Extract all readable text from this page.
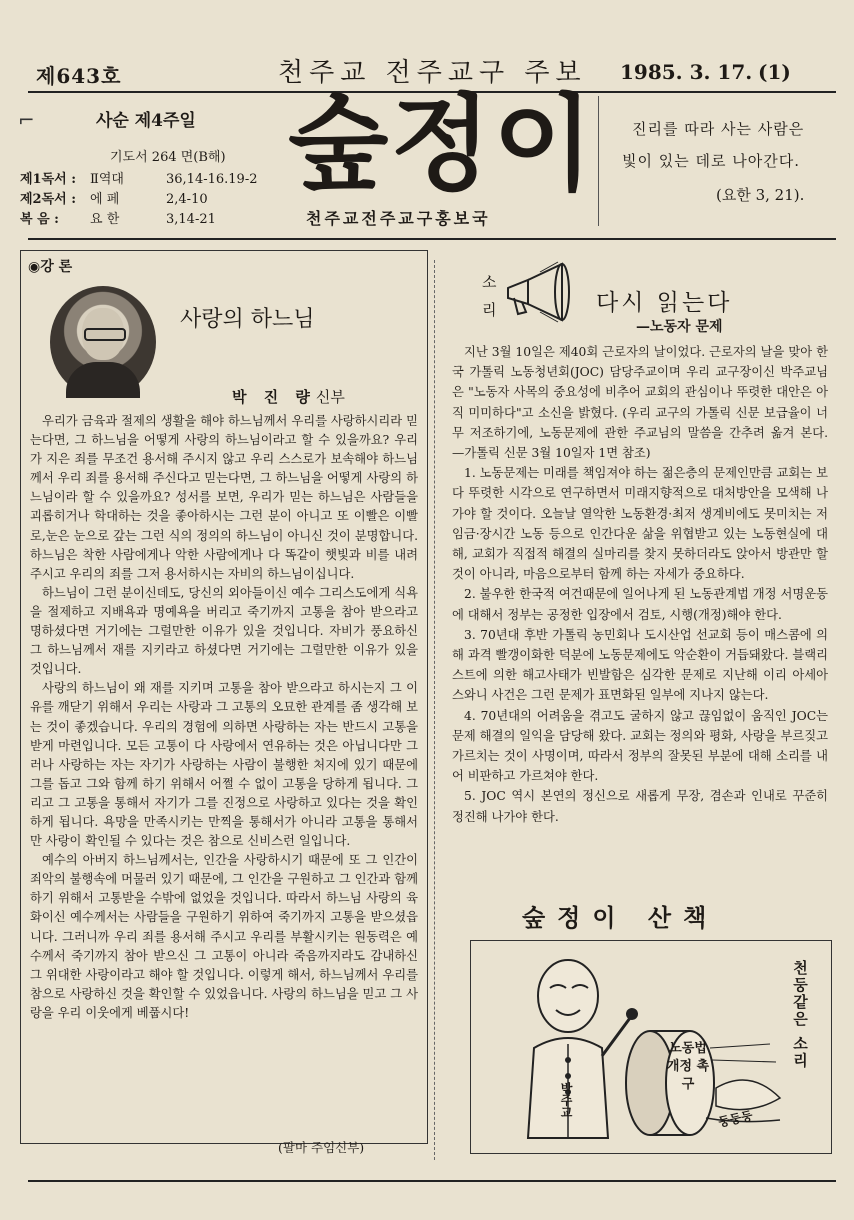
제643호	천주교 전주교구 주보 1985. 3. 17. (1)
⌐	사순 제4주일
기도서 264 면(B해)
제1독서 : Ⅱ역대	36,14-16.19-2
제2독서 : 에 페	2,4-10
복 음 : 요 한	3,14-21
숲정이
천주교전주교구홍보국
진리를 따라 사는 사람은
빛이 있는 데로 나아간다.
(요한 3, 21).
◉강 론
사랑의 하느님
박 진 량신부

우리가 금육과 절제의 생활을 해야 하느님께서 우리를 사랑하시리라 믿는다면, 그 하느님을 어떻게 사랑의 하느님이라고 할 수 있을까요? 우리가 지은 죄를 무조건 용서해 주시지 않고 우리 스스로가 보속해야 하느님께서 우리 죄를 용서해 주신다고 믿는다면, 그 하느님을 어떻게 사랑의 하느님이라 할 수 있을까요? 성서를 보면, 우리가 믿는 하느님은 사람들을 괴롭히거나 학대하는 것을 좋아하시는 그런 분이 아니고 또 이빨은 이빨로,눈은 눈으로 갚는 그런 식의 정의의 하느님이 아니신 것이 분명합니다. 하느님은 착한 사람에게나 악한 사람에게나 다 똑같이 햇빛과 비를 내려 주시고 우리의 죄를 그저 용서하시는 자비의 하느님이십니다.

하느님이 그런 분이신데도, 당신의 외아들이신 예수 그리스도에게 식욕을 절제하고 지배욕과 명예욕을 버리고 죽기까지 고통을 참아 받으라고 명하셨다면 거기에는 그럴만한 이유가 있을 것입니다. 자비가 풍요하신 그 하느님께서 재를 지키라고 하셨다면 거기에는 그럴만한 이유가 있을 것입니다.

사랑의 하느님이 왜 재를 지키며 고통을 참아 받으라고 하시는지 그 이유를 깨닫기 위해서 우리는 사랑과 그 고통의 오묘한 관계를 좀 생각해 보는 것이 좋겠습니다. 우리의 경험에 의하면 사랑하는 자는 반드시 고통을 받게 마련입니다. 모든 고통이 다 사랑에서 연유하는 것은 아닙니다만 그러나 사랑하는 자는 자기가 사랑하는 사람이 불행한 처지에 있기 때문에 그를 돕고 그와 함께 하기 위해서 어쩔 수 없이 고통을 당하게 됩니다. 그리고 그 고통을 통해서 자기가 그를 진정으로 사랑하고 있다는 것을 확인하게 됩니다. 욕망을 만족시키는 만찍을 통해서가 아니라 고통을 통해서만 사랑이 확인될 수 있다는 것은 참으로 신비스런 일입니다.

예수의 아버지 하느님께서는, 인간을 사랑하시기 때문에 또 그 인간이 죄악의 불행속에 머물러 있기 때문에, 그 인간을 구원하고 그 인간과 함께 하기 위해서 고통받을 수밖에 없었을 것입니다. 따라서 하느님 사랑의 육화이신 예수께서는 사람들을 구원하기 위하여 죽기까지 고통을 받으셨읍니다. 그러니까 우리 죄를 용서해 주시고 우리를 부활시키는 원동력은 예수께서 죽기까지 참아 받으신 그 고통이 아니라 죽음까지라도 감내하신 그 위대한 사랑이라고 해야 할 것입니다. 이렇게 해서, 하느님께서 우리를 참으로 사랑하신 것을 확인할 수 있었읍니다. 사랑의 하느님을 믿고 그 사랑을 우리 이웃에게 베풉시다!

(팔마 주임신부)
소리	다시 읽는다
—노동자 문제

지난 3월 10일은 제40회 근로자의 날이었다. 근로자의 날을 맞아 한국 가톨릭 노동청년회(JOC) 담당주교이며 우리 교구장이신 박주교님은 "노동자 사목의 중요성에 비추어 교회의 관심이나 뚜렷한 대안은 아직 미미하다"고 소신을 밝혔다. (우리 교구의 가톨릭 신문 보급율이 너무 저조하기에, 노동문제에 관한 주교님의 말씀을 간추려 옮겨 본다. —가톨릭 신문 3월 10일자 1면 참조)

1. 노동문제는 미래를 책임져야 하는 젊은층의 문제인만큼 교회는 보다 뚜렷한 시각으로 연구하면서 미래지향적으로 대처방안을 모색해 나가야 할 것이다. 오늘날 열악한 노동환경·최저 생계비에도 못미치는 저임금·장시간 노동 등으로 인간다운 삶을 위협받고 있는 노동현실에 대해, 교회가 직접적 해결의 실마리를 찾지 못하더라도 앉아서 방관만 할 것이 아니라, 마음으로부터 함께 하는 자세가 중요하다.

2. 불우한 한국적 여건때문에 일어나게 된 노동관계법 개정 서명운동에 대해서 정부는 공정한 입장에서 검토, 시행(개정)해야 한다.

3. 70년대 후반 가톨릭 농민회나 도시산업 선교회 등이 매스콤에 의해 과격 빨갱이화한 덕분에 노동문제에도 악순환이 거듭돼왔다. 블랙리스트에 의한 해고사태가 빈발함은 심각한 문제로 지난해 이리 아세아 스와니 사건은 그런 문제가 표면화된 일부에 지나지 않는다.

4. 70년대의 어려움을 겪고도 굴하지 않고 끊임없이 움직인 JOC는 문제 해결의 일익을 담당해 왔다. 교회는 정의와 평화, 사랑을 부르짖고 가르치는 것이 사명이며, 따라서 정부의 잘못된 부분에 대해 소리를 내어 비판하고 가르쳐야 한다.

5. JOC 역시 본연의 정신으로 새롭게 무장, 겸손과 인내로 꾸준히 정진해 나가야 한다.

숲정이 산책
노동법 개정 촉구
박주교
둥둥둥
천둥같은 소리
